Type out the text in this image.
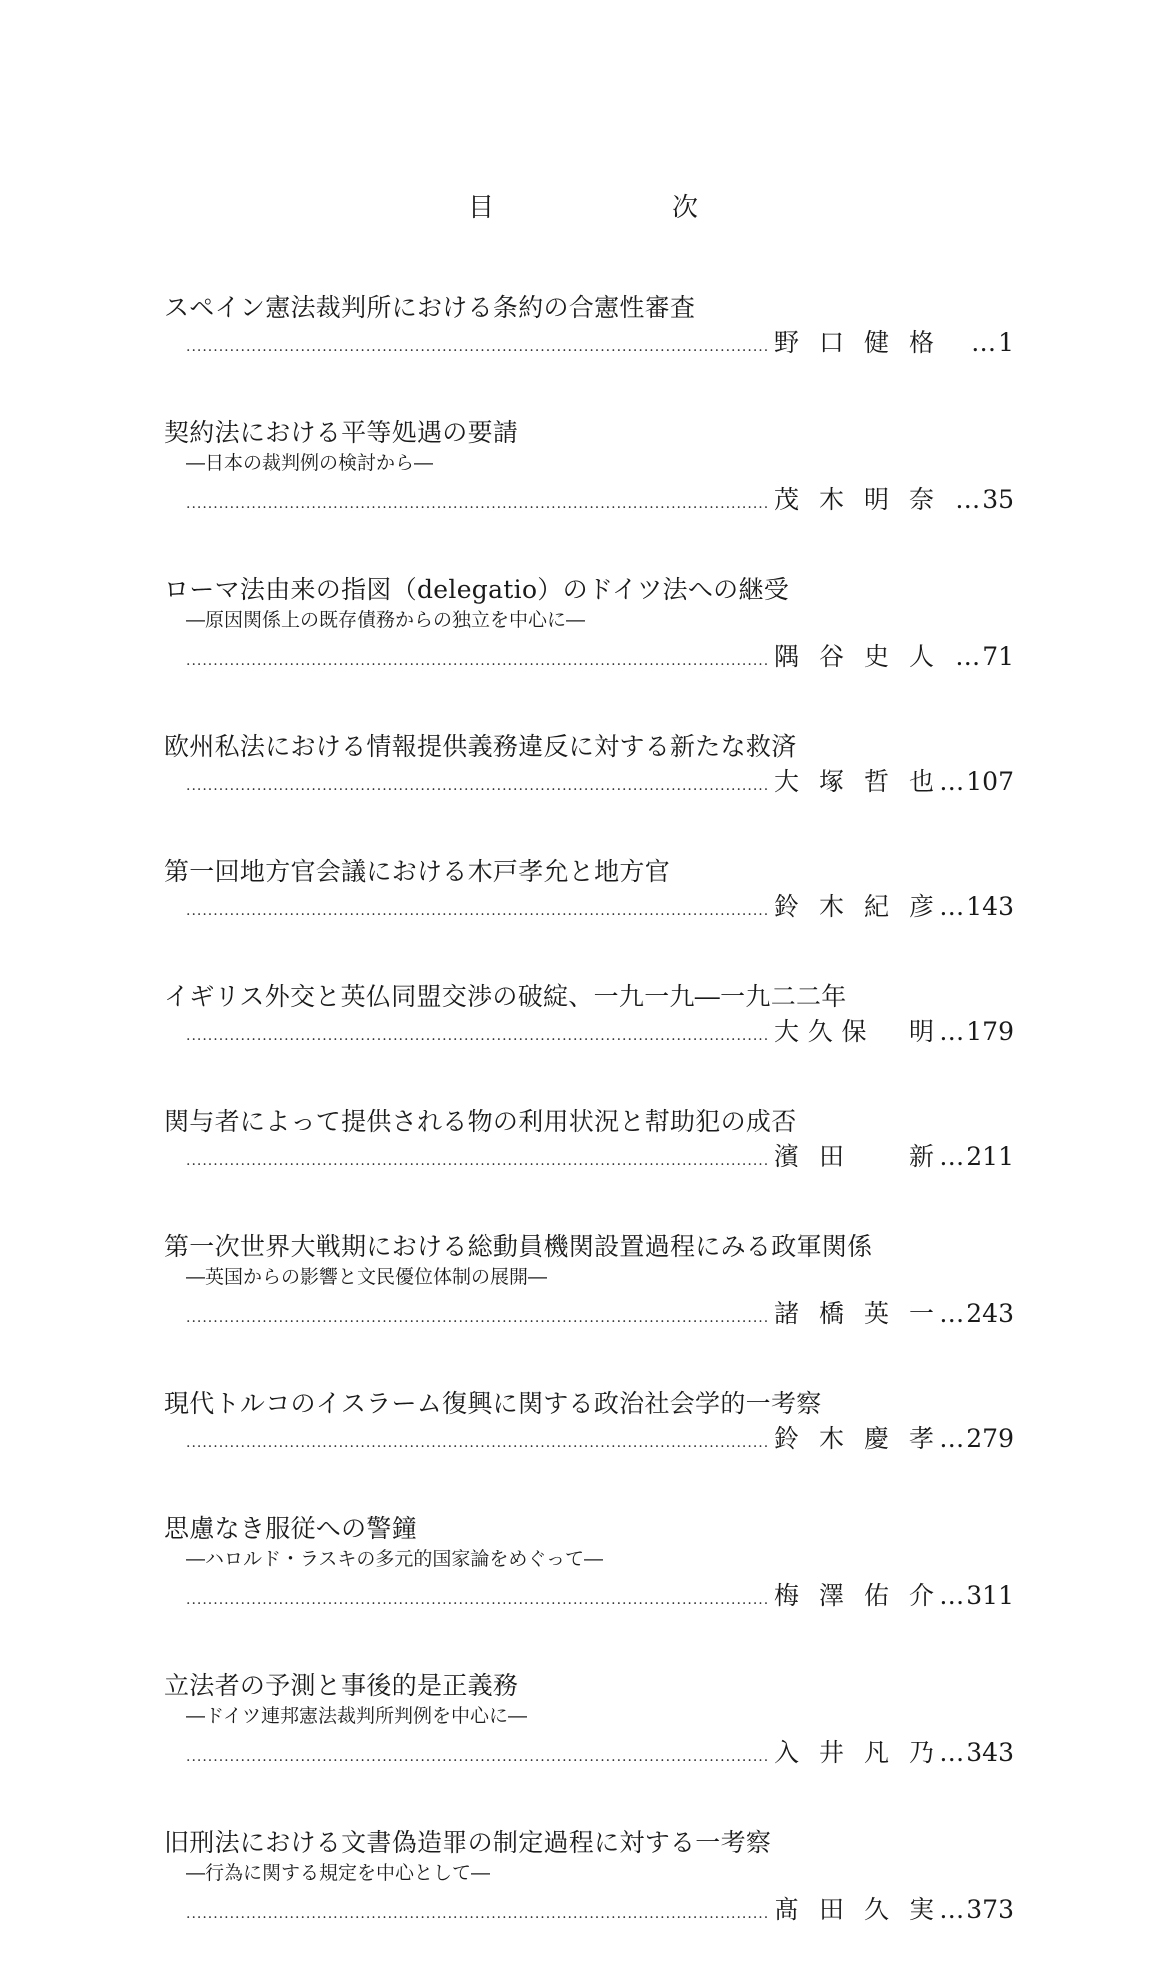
目　次
スペイン憲法裁判所における条約の合憲性審査
.....
野 口 健 格	… 1
契約法における平等処遇の要請
―日本の裁判例の検討から―
.....
茂 木 明 奈	… 35
ローマ法由来の指図（delegatio）のドイツ法への継受
―原因関係上の既存債務からの独立を中心に―
.....
隅 谷 史 人	… 71
欧州私法における情報提供義務違反に対する新たな救済
.....
大 塚 哲 也	… 107
第一回地方官会議における木戸孝允と地方官
.....
鈴 木 紀 彦	… 143
イギリス外交と英仏同盟交渉の破綻、一九一九―一九二二年
.....
大 久 保 　 明	… 179
関与者によって提供される物の利用状況と幇助犯の成否
.....
濱 田 　 新	… 211
第一次世界大戦期における総動員機関設置過程にみる政軍関係
―英国からの影響と文民優位体制の展開―
.....
諸 橋 英 一	… 243
現代トルコのイスラーム復興に関する政治社会学的一考察
.....
鈴 木 慶 孝	… 279
思慮なき服従への警鐘
―ハロルド・ラスキの多元的国家論をめぐって―
.....
梅 澤 佑 介	… 311
立法者の予測と事後的是正義務
―ドイツ連邦憲法裁判所判例を中心に―
.....
入 井 凡 乃	… 343
旧刑法における文書偽造罪の制定過程に対する一考察
―行為に関する規定を中心として―
.....
髙 田 久 実	… 373
